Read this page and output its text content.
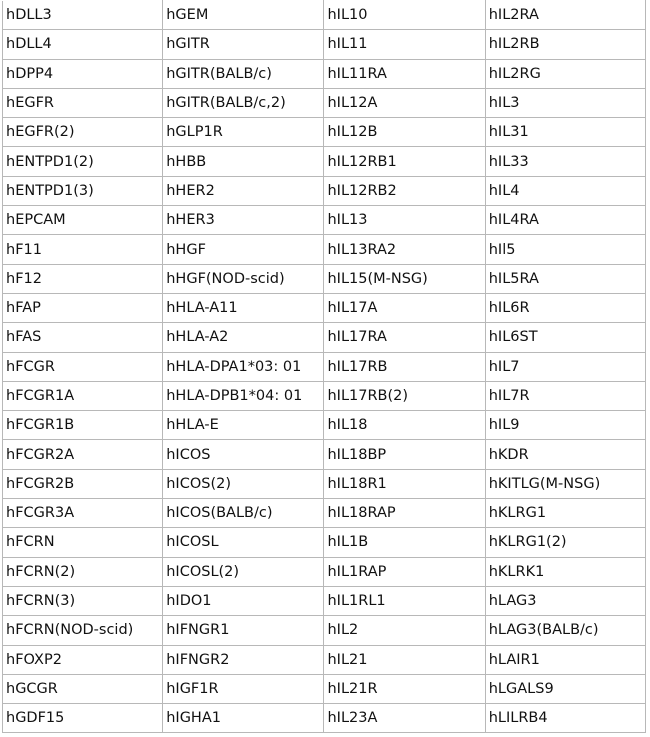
hDLL3	hGEM	hIL10	hIL2RA
hDLL4	hGITR	hIL11	hIL2RB
hDPP4	hGITR(BALB/c)	hIL11RA	hIL2RG
hEGFR	hGITR(BALB/c,2)	hIL12A	hIL3
hEGFR(2)	hGLP1R	hIL12B	hIL31
hENTPD1(2)	hHBB	hIL12RB1	hIL33
hENTPD1(3)	hHER2	hIL12RB2	hIL4
hEPCAM	hHER3	hIL13	hIL4RA
hF11	hHGF	hIL13RA2	hIl5
hF12	hHGF(NOD-scid)	hIL15(M-NSG)	hIL5RA
hFAP	hHLA-A11	hIL17A	hIL6R
hFAS	hHLA-A2	hIL17RA	hIL6ST
hFCGR	hHLA-DPA1*03: 01	hIL17RB	hIL7
hFCGR1A	hHLA-DPB1*04: 01	hIL17RB(2)	hIL7R
hFCGR1B	hHLA-E	hIL18	hIL9
hFCGR2A	hICOS	hIL18BP	hKDR
hFCGR2B	hICOS(2)	hIL18R1	hKITLG(M-NSG)
hFCGR3A	hICOS(BALB/c)	hIL18RAP	hKLRG1
hFCRN	hICOSL	hIL1B	hKLRG1(2)
hFCRN(2)	hICOSL(2)	hIL1RAP	hKLRK1
hFCRN(3)	hIDO1	hIL1RL1	hLAG3
hFCRN(NOD-scid)	hIFNGR1	hIL2	hLAG3(BALB/c)
hFOXP2	hIFNGR2	hIL21	hLAIR1
hGCGR	hIGF1R	hIL21R	hLGALS9
hGDF15	hIGHA1	hIL23A	hLILRB4
